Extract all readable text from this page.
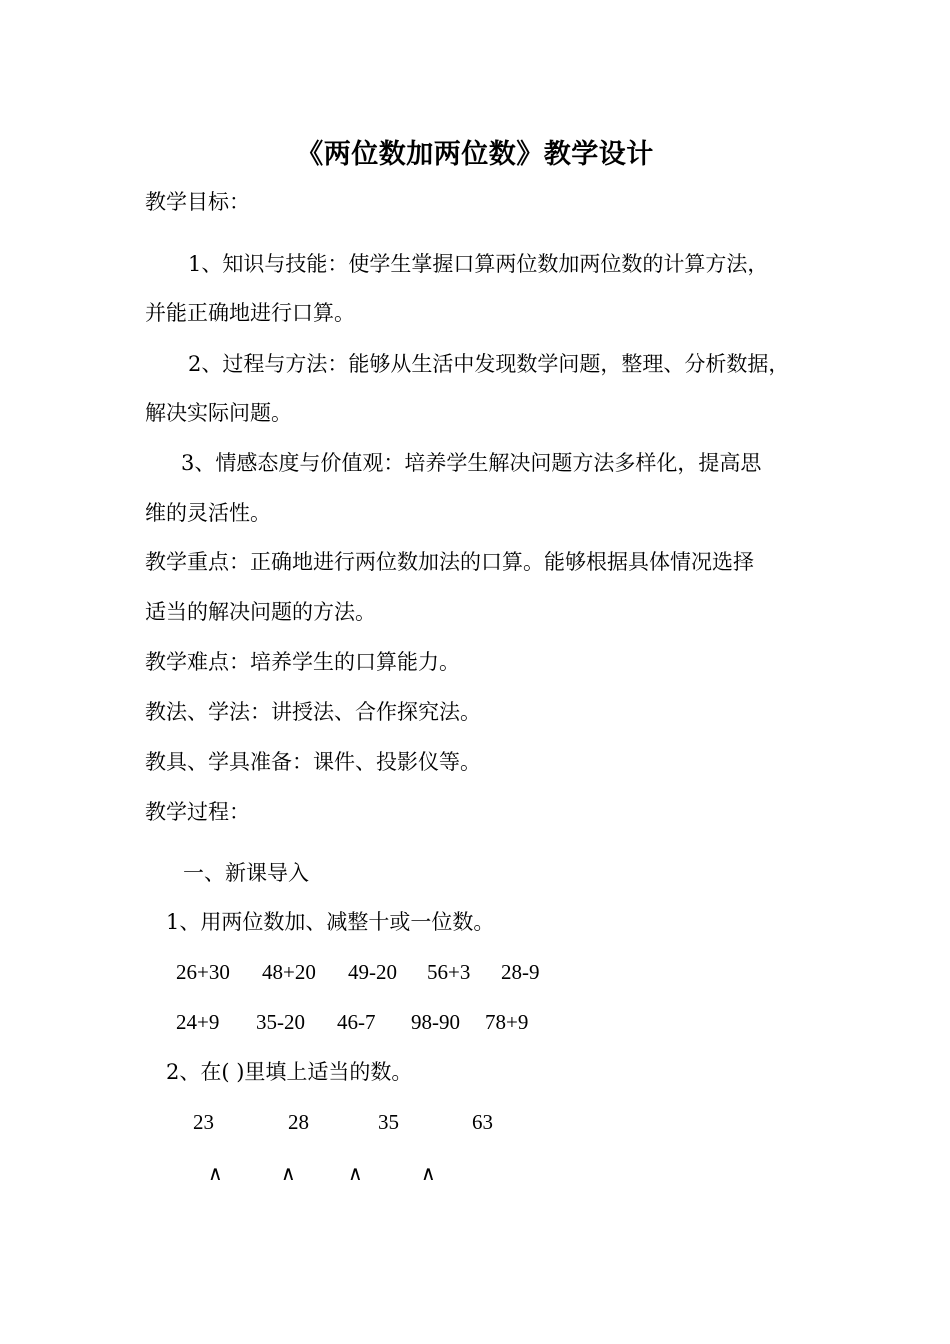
《两位数加两位数》教学设计
教学目标：
1、知识与技能：使学生掌握口算两位数加两位数的计算方法，
并能正确地进行口算。
2、过程与方法：能够从生活中发现数学问题，整理、分析数据，
解决实际问题。
3、情感态度与价值观：培养学生解决问题方法多样化，提高思
维的灵活性。
教学重点：正确地进行两位数加法的口算。能够根据具体情况选择
适当的解决问题的方法。
教学难点：培养学生的口算能力。
教法、学法：讲授法、合作探究法。
教具、学具准备：课件、投影仪等。
教学过程：
一、新课导入
1、用两位数加、减整十或一位数。
26+30 48+20 49-20 56+3 28-9
24+9 35-20 46-7 98-90 78+9
2、在( )里填上适当的数。
23	28	35	63
∧	∧	∧	∧
